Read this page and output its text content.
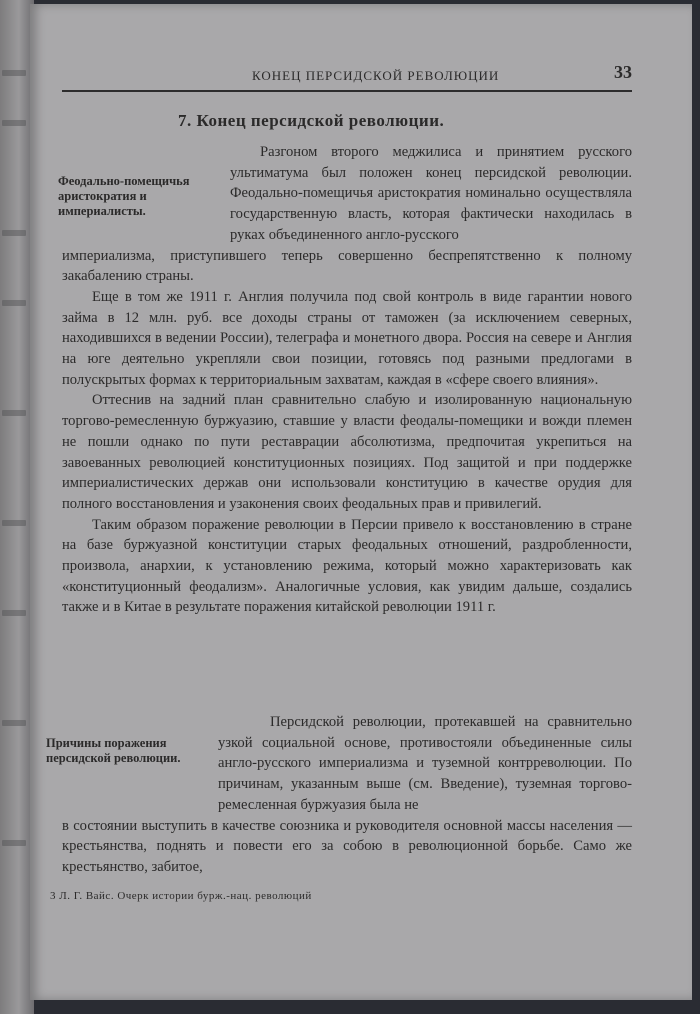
КОНЕЦ ПЕРСИДСКОЙ РЕВОЛЮЦИИ	33
7. Конец персидской революции.
Феодально-помещичья аристократия и империалисты.

Разгоном второго меджилиса и принятием русского ультиматума был положен конец персидской революции. Феодально-помещичья аристократия номинально осуществляла государственную власть, которая фактически находилась в руках объединенного англо-русского

империализма, приступившего теперь совершенно беспрепятственно к полному закабалению страны.

Еще в том же 1911 г. Англия получила под свой контроль в виде гарантии нового займа в 12 млн. руб. все доходы страны от таможен (за исключением северных, находившихся в ведении России), телеграфа и монетного двора. Россия на севере и Англия на юге деятельно укрепляли свои позиции, готовясь под разными предлогами в полускрытых формах к территориальным захватам, каждая в «сфере своего влияния».

Оттеснив на задний план сравнительно слабую и изолированную национальную торгово-ремесленную буржуазию, ставшие у власти феодалы-помещики и вожди племен не пошли однако по пути реставрации абсолютизма, предпочитая укрепиться на завоеванных революцией конституционных позициях. Под защитой и при поддержке империалистических держав они использовали конституцию в качестве орудия для полного восстановления и узаконения своих феодальных прав и привилегий.

Таким образом поражение революции в Персии привело к восстановлению в стране на базе буржуазной конституции старых феодальных отношений, раздробленности, произвола, анархии, к установлению режима, который можно характеризовать как «конституционный феодализм». Аналогичные условия, как увидим дальше, создались также и в Китае в результате поражения китайской революции 1911 г.

Причины поражения персидской революции.

Персидской революции, протекавшей на сравнительно узкой социальной основе, противостояли объединенные силы англо-русского империализма и туземной контрреволюции. По причинам, указанным выше (см. Введение), туземная торгово-ремесленная буржуазия была не

в состоянии выступить в качестве союзника и руководителя основной массы населения — крестьянства, поднять и повести его за собою в революционной борьбе. Само же крестьянство, забитое,

3 Л. Г. Вайс. Очерк истории бурж.-нац. революций
